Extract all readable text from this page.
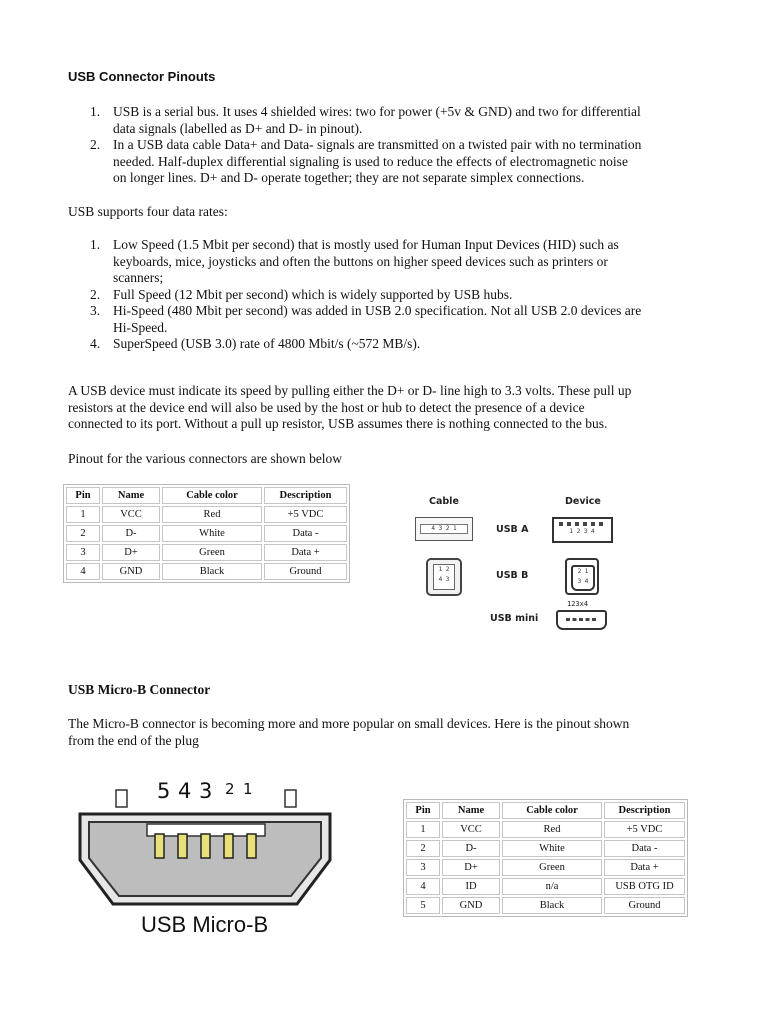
USB Connector Pinouts
1. USB is a serial bus. It uses 4 shielded wires: two for power (+5v & GND) and two for differential
data signals (labelled as D+ and D- in pinout).
2. In a USB data cable Data+ and Data- signals are transmitted on a twisted pair with no termination
needed. Half-duplex differential signaling is used to reduce the effects of electromagnetic noise
on longer lines. D+ and D- operate together; they are not separate simplex connections.
USB supports four data rates:
1. Low Speed (1.5 Mbit per second) that is mostly used for Human Input Devices (HID) such as
keyboards, mice, joysticks and often the buttons on higher speed devices such as printers or
scanners;
2. Full Speed (12 Mbit per second) which is widely supported by USB hubs.
3. Hi-Speed (480 Mbit per second) was added in USB 2.0 specification. Not all USB 2.0 devices are
Hi-Speed.
4. SuperSpeed (USB 3.0) rate of 4800 Mbit/s (~572 MB/s).
A USB device must indicate its speed by pulling either the D+ or D- line high to 3.3 volts. These pull up
resistors at the device end will also be used by the host or hub to detect the presence of a device
connected to its port. Without a pull up resistor, USB assumes there is nothing connected to the bus.
Pinout for the various connectors are shown below
Pin	Name	Cable color	Description
1	VCC	Red	+5 VDC
2	D-	White	Data -
3	D+	Green	Data +
4	GND	Black	Ground
Cable	Device
4 3 2 1	USB A	1 2 3 4
1 2
4 3	USB B	2 1
3 4
123x4
USB mini
USB Micro-B Connector
The Micro-B connector is becoming more and more popular on small devices. Here is the pinout shown
from the end of the plug
5 4 3 2 1
USB Micro-B
Pin	Name	Cable color	Description
1	VCC	Red	+5 VDC
2	D-	White	Data -
3	D+	Green	Data +
4	ID	n/a	USB OTG ID
5	GND	Black	Ground
